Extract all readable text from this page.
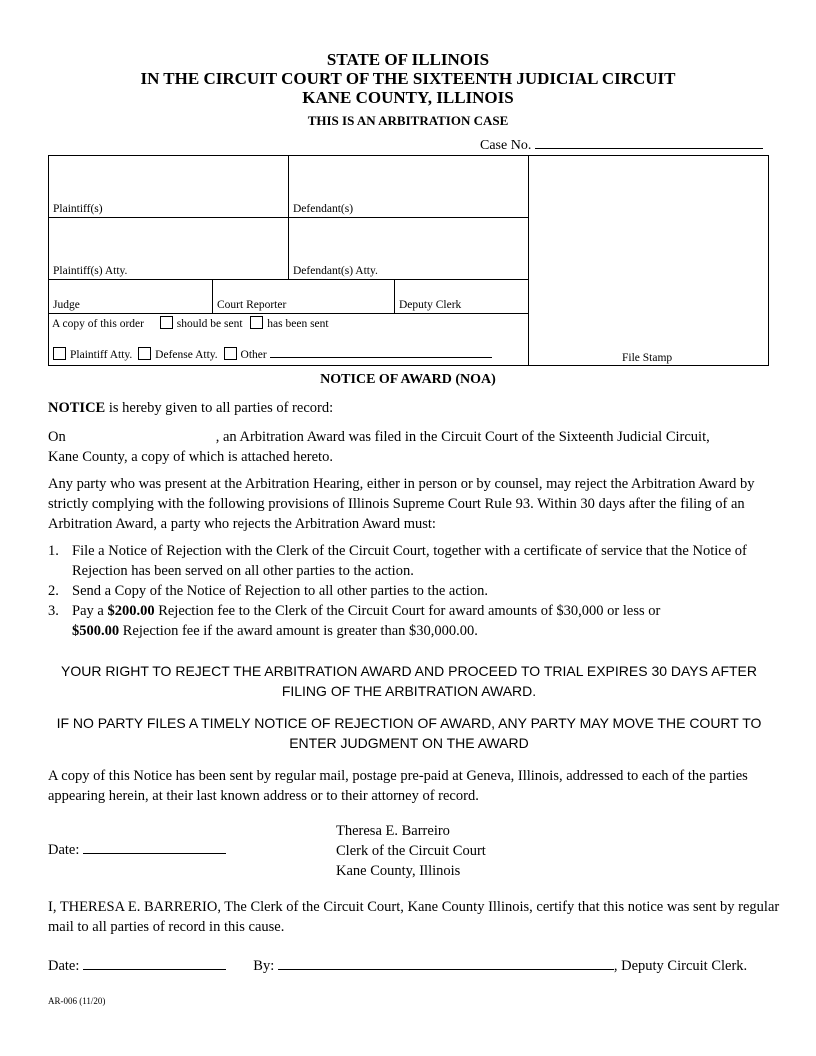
STATE OF ILLINOIS
IN THE CIRCUIT COURT OF THE SIXTEENTH JUDICIAL CIRCUIT
KANE COUNTY, ILLINOIS
THIS IS AN ARBITRATION CASE
Case No.
Plaintiff(s)	Defendant(s)
Plaintiff(s) Atty.	Defendant(s) Atty.
Judge	Court Reporter	Deputy Clerk
File Stamp
A copy of this order	should be sent has been sent
Plaintiff Atty. Defense Atty. Other
NOTICE OF AWARD (NOA)
NOTICE is hereby given to all parties of record:
On	, an Arbitration Award was filed in the Circuit Court of the Sixteenth Judicial Circuit,
Kane County, a copy of which is attached hereto.
Any party who was present at the Arbitration Hearing, either in person or by counsel, may reject the Arbitration Award by strictly complying with the following provisions of Illinois Supreme Court Rule 93. Within 30 days after the filing of an Arbitration Award, a party who rejects the Arbitration Award must:
1. File a Notice of Rejection with the Clerk of the Circuit Court, together with a certificate of service that the Notice of Rejection has been served on all other parties to the action.
2. Send a Copy of the Notice of Rejection to all other parties to the action.
3. Pay a $200.00 Rejection fee to the Clerk of the Circuit Court for award amounts of $30,000 or less or
$500.00 Rejection fee if the award amount is greater than $30,000.00.
YOUR RIGHT TO REJECT THE ARBITRATION AWARD AND PROCEED TO TRIAL EXPIRES 30 DAYS AFTER FILING OF THE ARBITRATION AWARD.
IF NO PARTY FILES A TIMELY NOTICE OF REJECTION OF AWARD, ANY PARTY MAY MOVE THE COURT TO ENTER JUDGMENT ON THE AWARD
A copy of this Notice has been sent by regular mail, postage pre-paid at Geneva, Illinois, addressed to each of the parties appearing herein, at their last known address or to their attorney of record.
Theresa E. Barreiro
Clerk of the Circuit Court
Kane County, Illinois
Date:
I, THERESA E. BARRERIO, The Clerk of the Circuit Court, Kane County Illinois, certify that this notice was sent by regular mail to all parties of record in this cause.
Date:	By:	, Deputy Circuit Clerk.
AR-006 (11/20)
